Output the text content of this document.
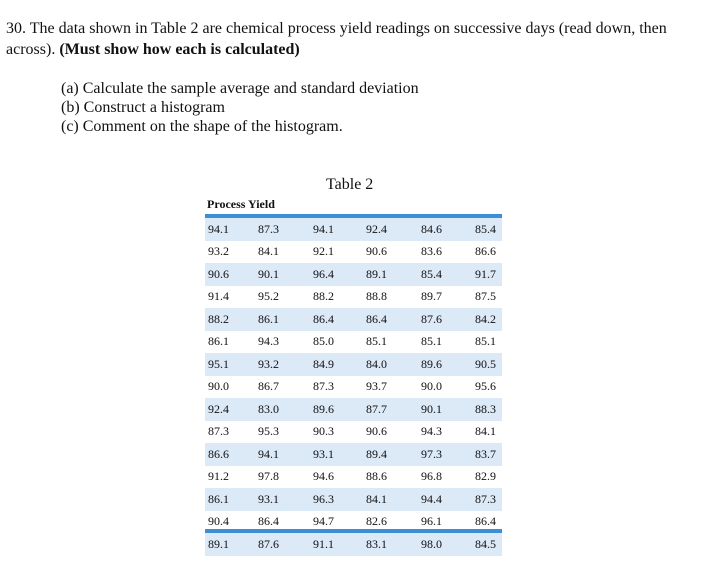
30. The data shown in Table 2 are chemical process yield readings on successive days (read down, then across). (Must show how each is calculated)
(a) Calculate the sample average and standard deviation
(b) Construct a histogram
(c) Comment on the shape of the histogram.
Table 2
Process Yield
94.1	87.3	94.1	92.4	84.6	85.4
93.2	84.1	92.1	90.6	83.6	86.6
90.6	90.1	96.4	89.1	85.4	91.7
91.4	95.2	88.2	88.8	89.7	87.5
88.2	86.1	86.4	86.4	87.6	84.2
86.1	94.3	85.0	85.1	85.1	85.1
95.1	93.2	84.9	84.0	89.6	90.5
90.0	86.7	87.3	93.7	90.0	95.6
92.4	83.0	89.6	87.7	90.1	88.3
87.3	95.3	90.3	90.6	94.3	84.1
86.6	94.1	93.1	89.4	97.3	83.7
91.2	97.8	94.6	88.6	96.8	82.9
86.1	93.1	96.3	84.1	94.4	87.3
90.4	86.4	94.7	82.6	96.1	86.4
89.1	87.6	91.1	83.1	98.0	84.5
